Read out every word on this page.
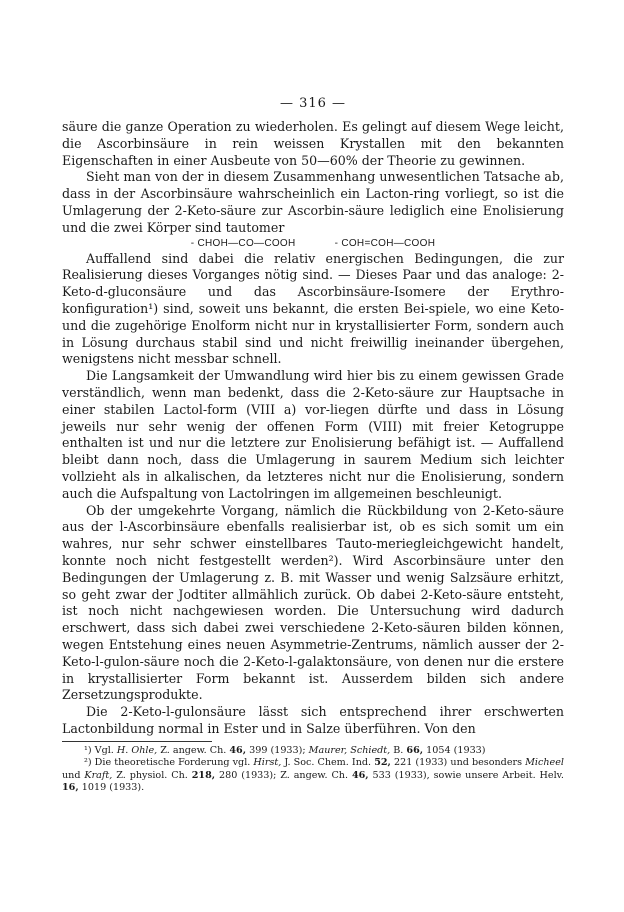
— 316 —

säure die ganze Operation zu wiederholen. Es gelingt auf diesem Wege leicht, die Ascorbinsäure in rein weissen Krystallen mit den bekannten Eigenschaften in einer Ausbeute von 50—60% der Theorie zu gewinnen.

Sieht man von der in diesem Zusammenhang unwesentlichen Tatsache ab, dass in der Ascorbinsäure wahrscheinlich ein Lacton-ring vorliegt, so ist die Umlagerung der 2-Keto-säure zur Ascorbin-säure lediglich eine Enolisierung und die zwei Körper sind tautomer

- CHOH—CO—COOH	- COH=COH—COOH

Auffallend sind dabei die relativ energischen Bedingungen, die zur Realisierung dieses Vorganges nötig sind. — Dieses Paar und das analoge: 2-Keto-d-gluconsäure und das Ascorbinsäure-Isomere der Erythro-konfiguration¹) sind, soweit uns bekannt, die ersten Bei-spiele, wo eine Keto- und die zugehörige Enolform nicht nur in krystallisierter Form, sondern auch in Lösung durchaus stabil sind und nicht freiwillig ineinander übergehen, wenigstens nicht messbar schnell.

Die Langsamkeit der Umwandlung wird hier bis zu einem gewissen Grade verständlich, wenn man bedenkt, dass die 2-Keto-säure zur Hauptsache in einer stabilen Lactol-form (VIII a) vor-liegen dürfte und dass in Lösung jeweils nur sehr wenig der offenen Form (VIII) mit freier Ketogruppe enthalten ist und nur die letztere zur Enolisierung befähigt ist. — Auffallend bleibt dann noch, dass die Umlagerung in saurem Medium sich leichter vollzieht als in alkalischen, da letzteres nicht nur die Enolisierung, sondern auch die Aufspaltung von Lactolringen im allgemeinen beschleunigt.

Ob der umgekehrte Vorgang, nämlich die Rückbildung von 2-Keto-säure aus der l-Ascorbinsäure ebenfalls realisierbar ist, ob es sich somit um ein wahres, nur sehr schwer einstellbares Tauto-meriegleichgewicht handelt, konnte noch nicht festgestellt werden²). Wird Ascorbinsäure unter den Bedingungen der Umlagerung z. B. mit Wasser und wenig Salzsäure erhitzt, so geht zwar der Jodtiter allmählich zurück. Ob dabei 2-Keto-säure entsteht, ist noch nicht nachgewiesen worden. Die Untersuchung wird dadurch erschwert, dass sich dabei zwei verschiedene 2-Keto-säuren bilden können, wegen Entstehung eines neuen Asymmetrie-Zentrums, nämlich ausser der 2-Keto-l-gulon-säure noch die 2-Keto-l-galaktonsäure, von denen nur die erstere in krystallisierter Form bekannt ist. Ausserdem bilden sich andere Zersetzungsprodukte.

Die 2-Keto-l-gulonsäure lässt sich entsprechend ihrer erschwerten Lactonbildung normal in Ester und in Salze überführen. Von den

¹) Vgl. H. Ohle, Z. angew. Ch. 46, 399 (1933); Maurer, Schiedt, B. 66, 1054 (1933)

²) Die theoretische Forderung vgl. Hirst, J. Soc. Chem. Ind. 52, 221 (1933) und besonders Micheel und Kraft, Z. physiol. Ch. 218, 280 (1933); Z. angew. Ch. 46, 533 (1933), sowie unsere Arbeit. Helv. 16, 1019 (1933).
